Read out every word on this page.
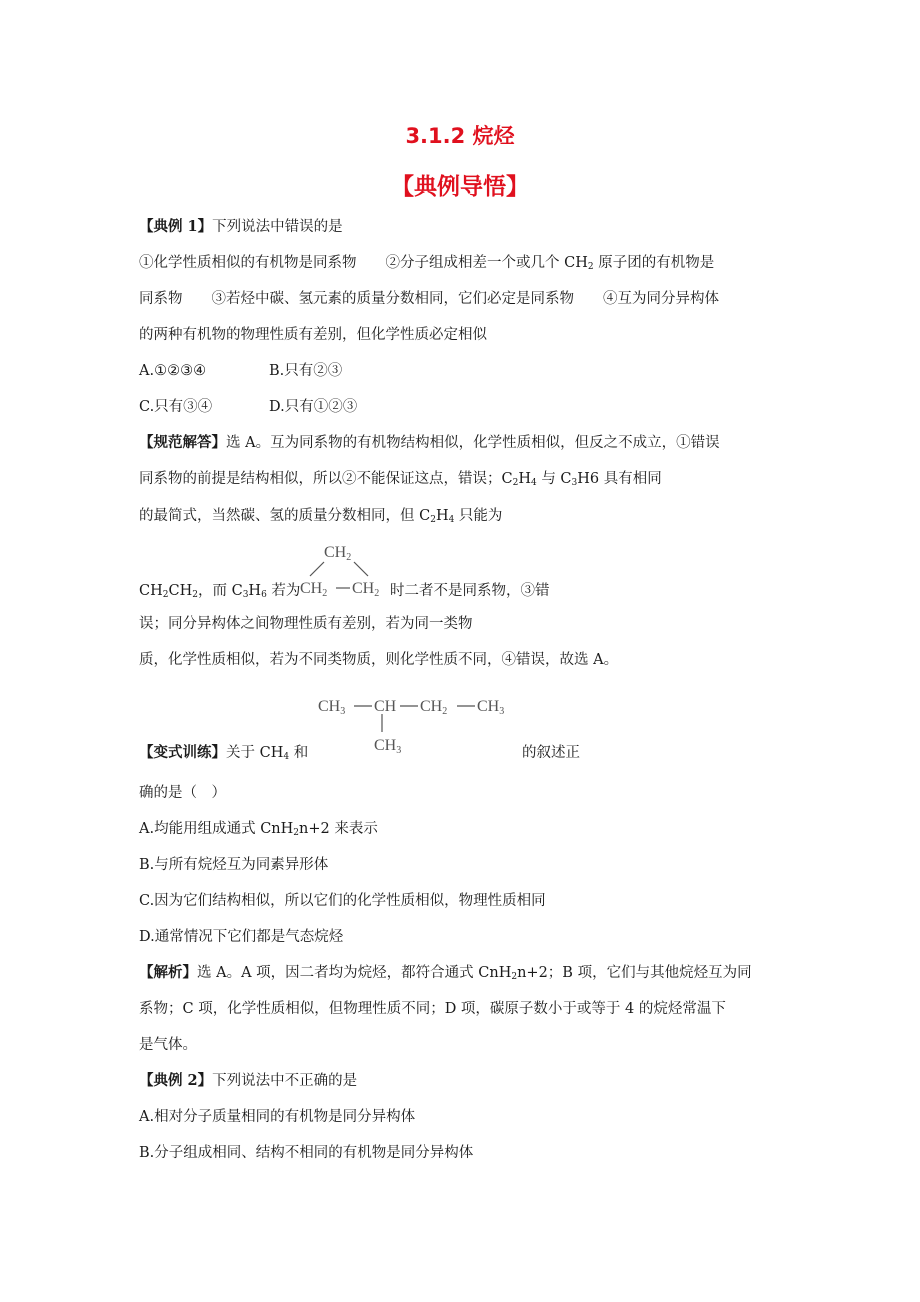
3.1.2 烷烃
【典例导悟】
【典例 1】下列说法中错误的是
①化学性质相似的有机物是同系物　　②分子组成相差一个或几个 $CH_2$ 原子团的有机物是
同系物　　③若烃中碳、氢元素的质量分数相同，它们必定是同系物　　④互为同分异构体
的两种有机物的物理性质有差别，但化学性质必定相似
A.①②③④	B.只有②③
C.只有③④	D.只有①②③
【规范解答】选 A。互为同系物的有机物结构相似，化学性质相似，但反之不成立，①错误
同系物的前提是结构相似，所以②不能保证这点，错误；$C_2H_4$ 与 $C_3H6$ 具有相同
的最简式，当然碳、氢的质量分数相同，但 $C_2H_4$ 只能为
CH2
CH2 CH2
$CH_2CH_2$，而 $C_3H_6$ 若为	时二者不是同系物，③错
误；同分异构体之间物理性质有差别，若为同一类物
质，化学性质相似，若为不同类物质，则化学性质不同，④错误，故选 A。
CH3 CH CH2 CH3
CH3
【变式训练】关于 $CH_4$ 和	的叙述正
确的是（　）
A.均能用组成通式 CnH$_2$n+2 来表示
B.与所有烷烃互为同素异形体
C.因为它们结构相似，所以它们的化学性质相似，物理性质相同
D.通常情况下它们都是气态烷烃
【解析】选 A。A 项，因二者均为烷烃，都符合通式 CnH$_2$n+2；B 项，它们与其他烷烃互为同
系物；C 项，化学性质相似，但物理性质不同；D 项，碳原子数小于或等于 4 的烷烃常温下
是气体。
【典例 2】下列说法中不正确的是
A.相对分子质量相同的有机物是同分异构体
B.分子组成相同、结构不相同的有机物是同分异构体
